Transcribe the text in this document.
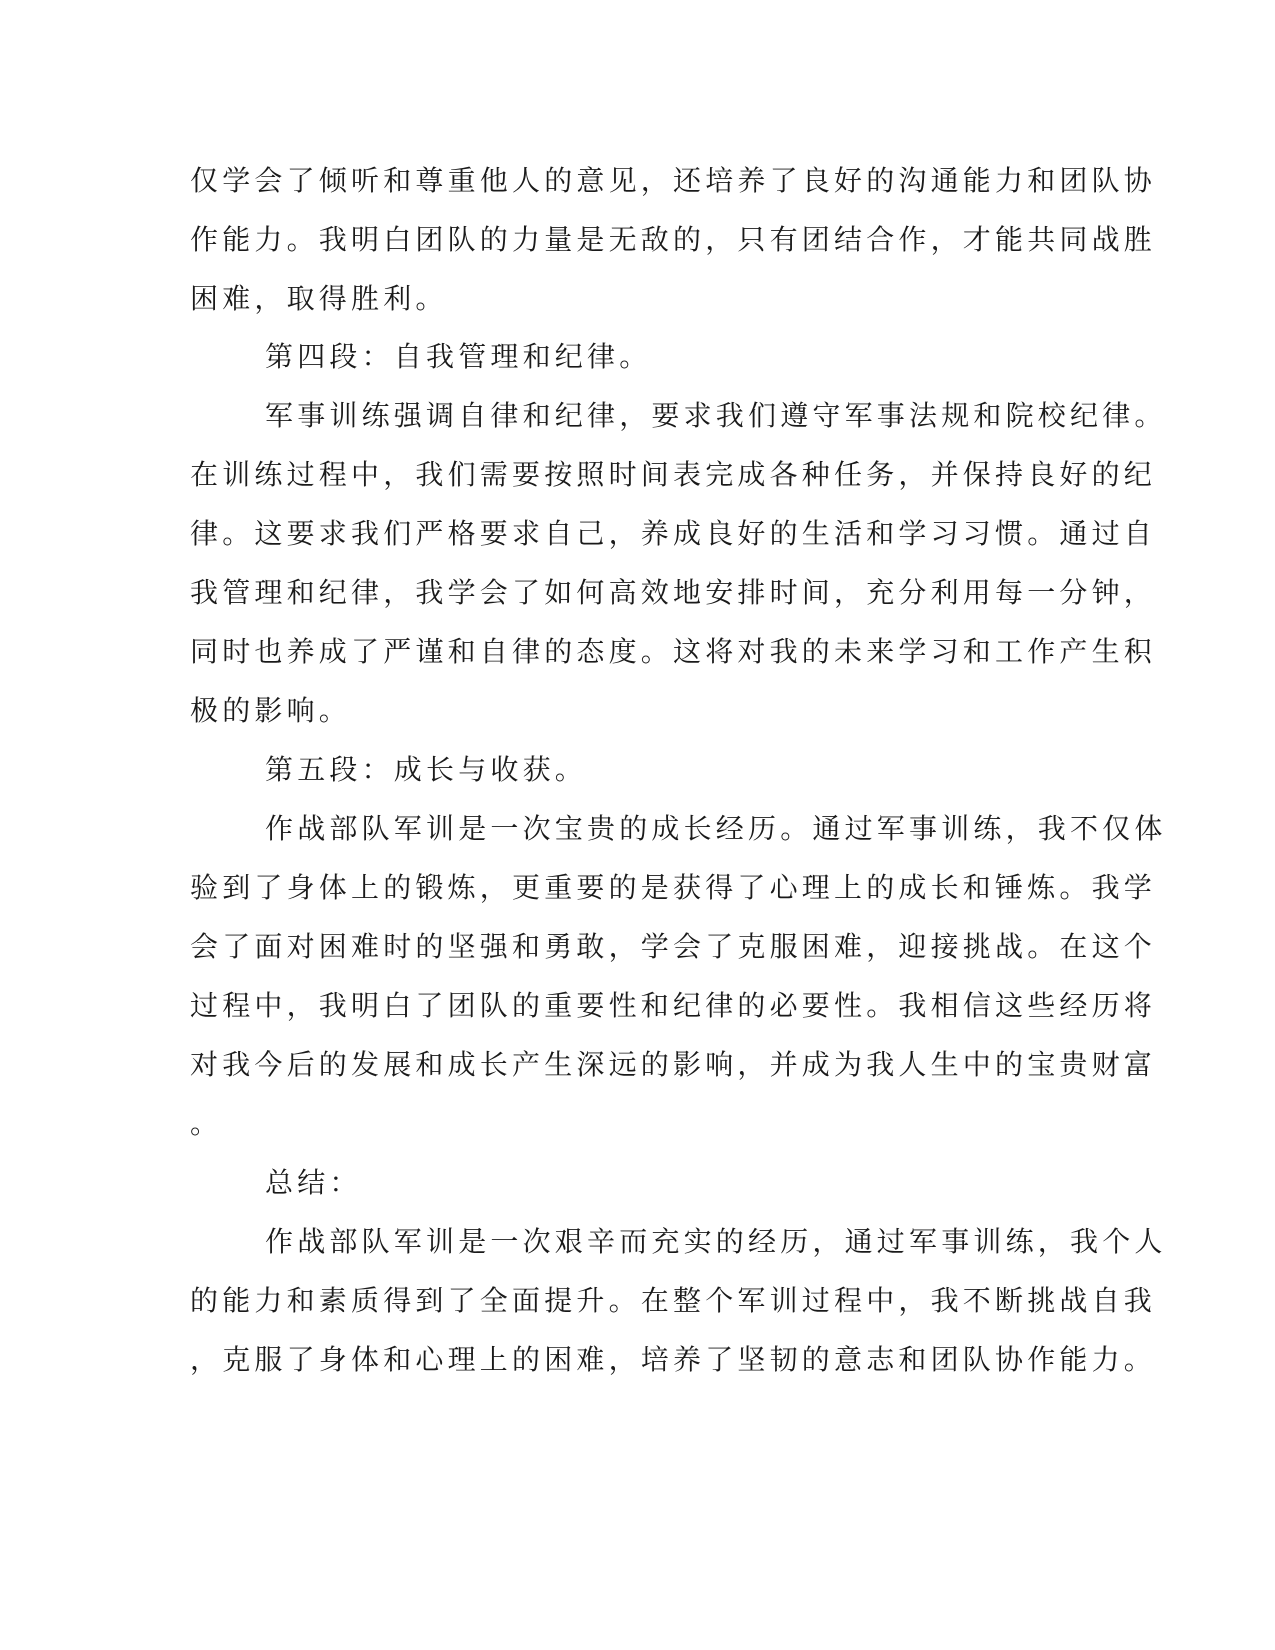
仅学会了倾听和尊重他人的意见，还培养了良好的沟通能力和团队协
作能力。我明白团队的力量是无敌的，只有团结合作，才能共同战胜
困难，取得胜利。
第四段：自我管理和纪律。
军事训练强调自律和纪律，要求我们遵守军事法规和院校纪律。
在训练过程中，我们需要按照时间表完成各种任务，并保持良好的纪
律。这要求我们严格要求自己，养成良好的生活和学习习惯。通过自
我管理和纪律，我学会了如何高效地安排时间，充分利用每一分钟，
同时也养成了严谨和自律的态度。这将对我的未来学习和工作产生积
极的影响。
第五段：成长与收获。
作战部队军训是一次宝贵的成长经历。通过军事训练，我不仅体
验到了身体上的锻炼，更重要的是获得了心理上的成长和锤炼。我学
会了面对困难时的坚强和勇敢，学会了克服困难，迎接挑战。在这个
过程中，我明白了团队的重要性和纪律的必要性。我相信这些经历将
对我今后的发展和成长产生深远的影响，并成为我人生中的宝贵财富
。
总结：
作战部队军训是一次艰辛而充实的经历，通过军事训练，我个人
的能力和素质得到了全面提升。在整个军训过程中，我不断挑战自我
，克服了身体和心理上的困难，培养了坚韧的意志和团队协作能力。
